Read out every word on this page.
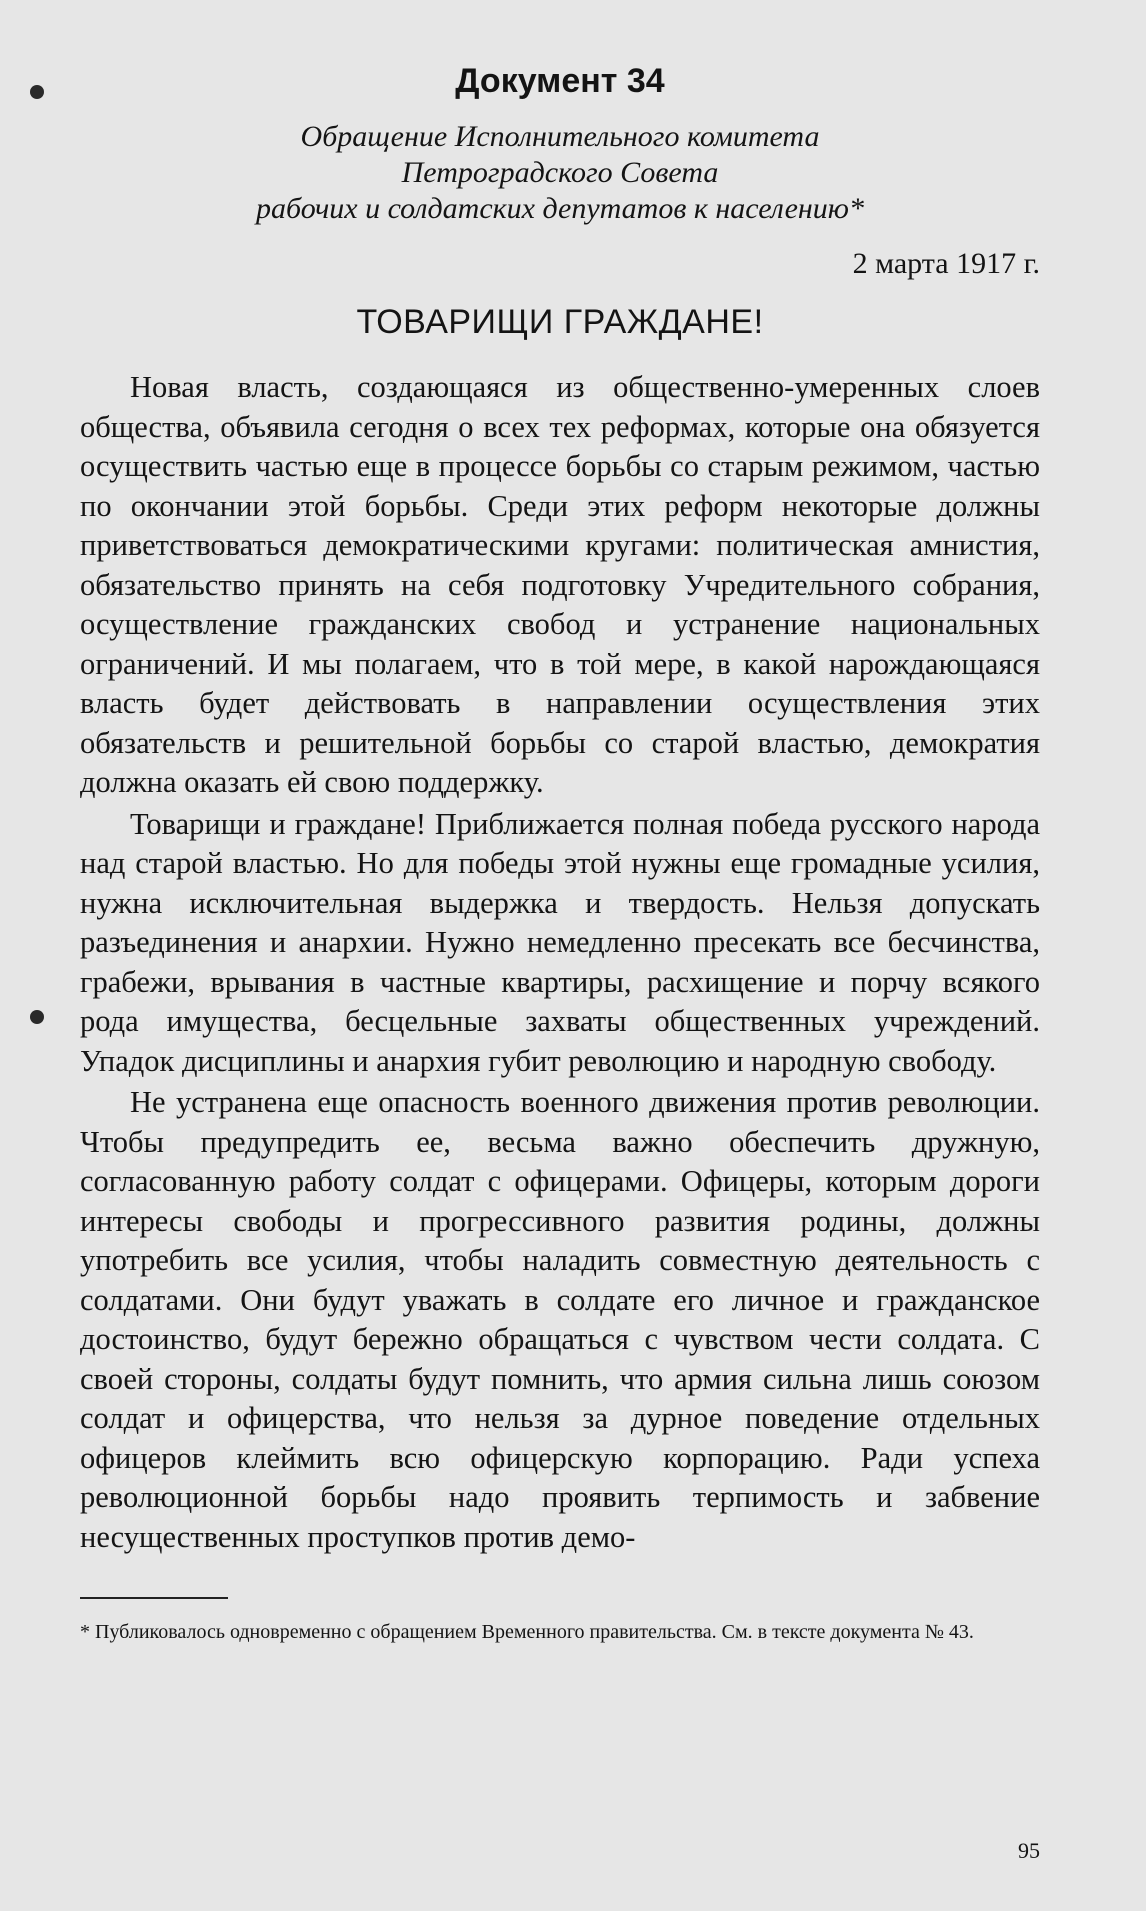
Документ 34

Обращение Исполнительного комитета

Петроградского Совета

рабочих и солдатских депутатов к населению*

2 марта 1917 г.
ТОВАРИЩИ ГРАЖДАНЕ!

Новая власть, создающаяся из общественно-умеренных слоев общества, объявила сегодня о всех тех реформах, которые она обязуется осуществить частью еще в процессе борьбы со старым режимом, частью по окончании этой борьбы. Среди этих реформ некоторые должны приветствоваться демократическими кругами: политическая амнистия, обязательство принять на себя подготовку Учредительного собрания, осуществление гражданских свобод и устранение национальных ограничений. И мы полагаем, что в той мере, в какой нарождающаяся власть будет действовать в направлении осуществления этих обязательств и решительной борьбы со старой властью, демократия должна оказать ей свою поддержку.

Товарищи и граждане! Приближается полная победа русского народа над старой властью. Но для победы этой нужны еще громадные усилия, нужна исключительная выдержка и твердость. Нельзя допускать разъединения и анархии. Нужно немедленно пресекать все бесчинства, грабежи, врывания в частные квартиры, расхищение и порчу всякого рода имущества, бесцельные захваты общественных учреждений. Упадок дисциплины и анархия губит революцию и народную свободу.

Не устранена еще опасность военного движения против революции. Чтобы предупредить ее, весьма важно обеспечить дружную, согласованную работу солдат с офицерами. Офицеры, которым дороги интересы свободы и прогрессивного развития родины, должны употребить все усилия, чтобы наладить совместную деятельность с солдатами. Они будут уважать в солдате его личное и гражданское достоинство, будут бережно обращаться с чувством чести солдата. С своей стороны, солдаты будут помнить, что армия сильна лишь союзом солдат и офицерства, что нельзя за дурное поведение отдельных офицеров клеймить всю офицерскую корпорацию. Ради успеха революционной борьбы надо проявить терпимость и забвение несущественных проступков против демо-

* Публиковалось одновременно с обращением Временного правительства. См. в тексте документа № 43.

95
